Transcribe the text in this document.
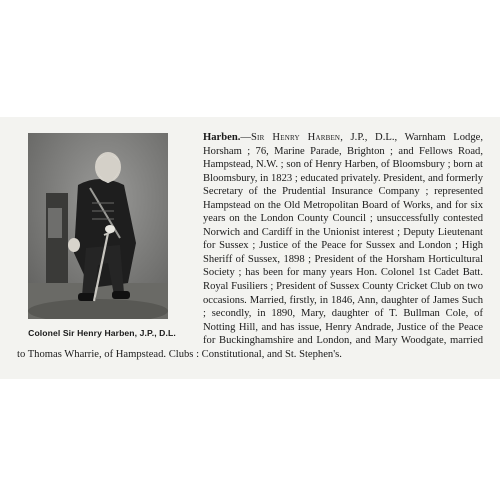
Colonel Sir Henry Harben, J.P., D.L.
Harben.—Sir Henry Harben, J.P., D.L., Warnham Lodge, Horsham ; 76, Marine Parade, Brighton ; and Fellows Road, Hampstead, N.W. ; son of Henry Harben, of Bloomsbury ; born at Bloomsbury, in 1823 ; educated privately. President, and formerly Secretary of the Prudential Insurance Company ; represented Hampstead on the Old Metropolitan Board of Works, and for six years on the London County Council ; unsuccessfully contested Norwich and Cardiff in the Unionist interest ; Deputy Lieutenant for Sussex ; Justice of the Peace for Sussex and London ; High Sheriff of Sussex, 1898 ; President of the Horsham Horticultural Society ; has been for many years Hon. Colonel 1st Cadet Batt. Royal Fusiliers ; President of Sussex County Cricket Club on two occasions. Married, firstly, in 1846, Ann, daughter of James Such ; secondly, in 1890, Mary, daughter of T. Bullman Cole, of Notting Hill, and has issue, Henry Andrade, Justice of the Peace for Buckinghamshire and London, and Mary Woodgate, married to Thomas Wharrie, of Hampstead. Clubs : Constitutional, and St. Stephen's.
